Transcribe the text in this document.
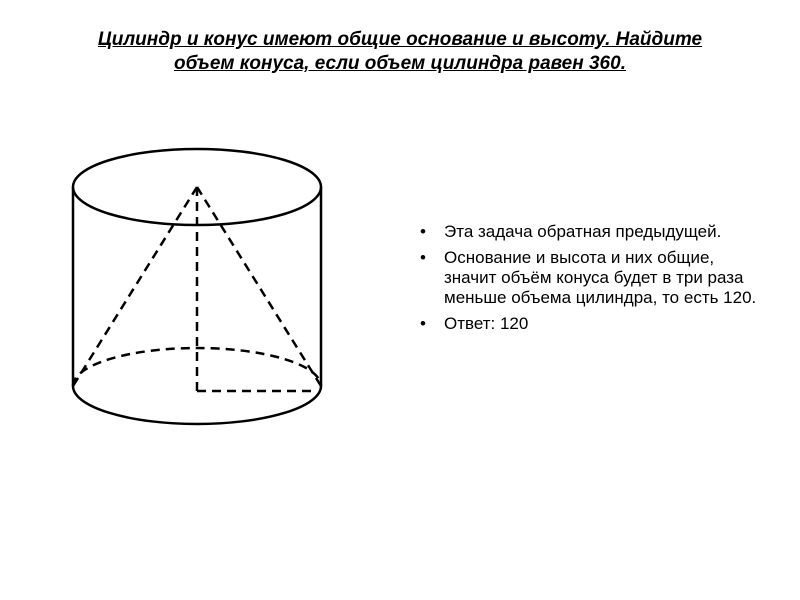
Цилиндр и конус имеют общие основание и высоту. Найдите
объем конуса, если объем цилиндра равен 360.
• Эта задача обратная предыдущей.
• Основание и высота и них общие, значит объём конуса будет в три раза меньше объема цилиндра, то есть 120.
• Ответ: 120
